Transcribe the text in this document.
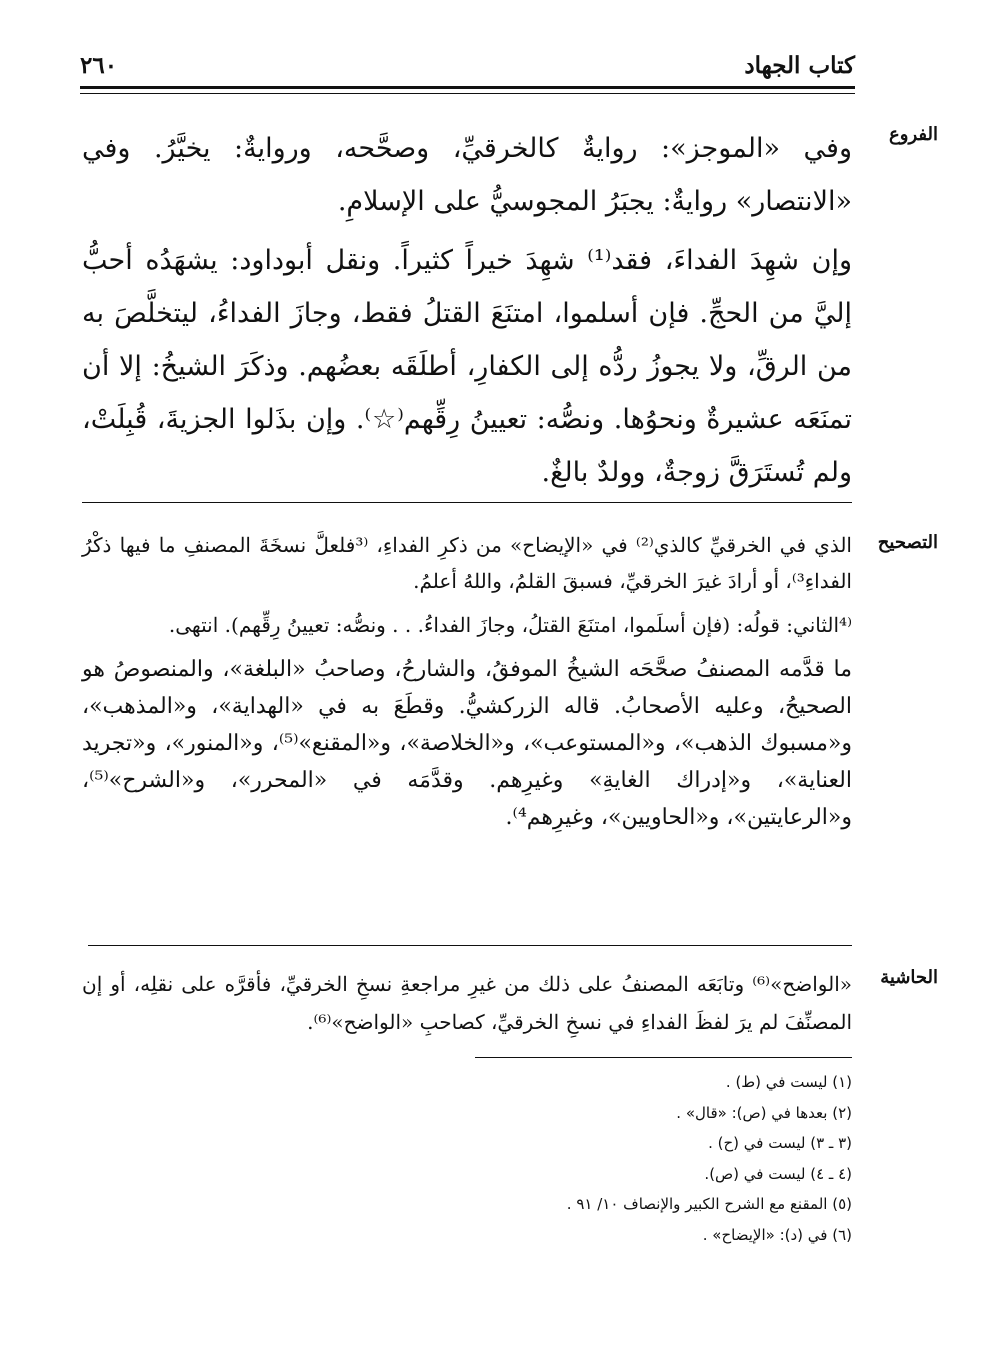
كتاب الجهاد
٢٦٠
الفروع

وفي «الموجز»: روايةٌ كالخرقيِّ، وصحَّحه، وروايةٌ: يخيَّرُ. وفي «الانتصار» روايةٌ: يجبَرُ المجوسيُّ على الإسلامِ.

وإن شهِدَ الفداءَ، فقد⁽¹⁾ شهِدَ خيراً كثيراً. ونقل أبوداود: يشهَدُه أحبُّ إليَّ من الحجِّ. فإن أسلموا، امتنَعَ القتلُ فقط، وجازَ الفداءُ، ليتخلَّصَ به من الرقِّ، ولا يجوزُ ردُّه إلى الكفارِ، أطلَقَه بعضُهم. وذكَرَ الشيخُ: إلا أن تمنَعَه عشيرةٌ ونحوُها. ونصُّه: تعيينُ رِقِّهم⁽☆⁾. وإن بذَلوا الجزيةَ، قُبِلَتْ، ولم تُستَرَقَّ زوجةٌ، وولدٌ بالغٌ.

التصحيح

الذي في الخرقيِّ كالذي⁽²⁾ في «الإيضاح» من ذكرِ الفداءِ، ⁽³فلعلَّ نسخَةَ المصنفِ ما فيها ذكْرُ الفداءِ³⁾، أو أرادَ غيرَ الخرقيِّ، فسبقَ القلمُ، واللهُ أعلمُ.

⁽⁴الثاني: قولُه: (فإن أسلَموا، امتنَعَ القتلُ، وجازَ الفداءُ. . . ونصُّه: تعيينُ رِقِّهم). انتهى.

ما قدَّمه المصنفُ صحَّحَه الشيخُ الموفقُ، والشارحُ، وصاحبُ «البلغة»، والمنصوصُ هو الصحيحُ، وعليه الأصحابُ. قاله الزركشيُّ. وقطَعَ به في «الهداية»، و«المذهب»، و«مسبوك الذهب»، و«المستوعب»، و«الخلاصة»، و«المقنع»⁽⁵⁾، و«المنور»، و«تجريد العناية»، و«إدراك الغايةِ» وغيرِهم. وقدَّمَه في «المحرر»، و«الشرح»⁽⁵⁾، و«الرعايتين»، و«الحاويين»، وغيرِهم⁴⁾.

الحاشية

«الواضح»⁽⁶⁾ وتابَعَه المصنفُ على ذلك من غيرِ مراجعةِ نسخِ الخرقيِّ، فأقرَّه على نقلِه، أو إن المصنِّفَ لم يرَ لفظَ الفداءِ في نسخِ الخرقيِّ، كصاحبِ «الواضح»⁽⁶⁾.

(١) ليست في (ط) .
(٢) بعدها في (ص): «قال» .
(٣ ـ ٣) ليست في (ح) .
(٤ ـ ٤) ليست في (ص).
(٥) المقنع مع الشرح الكبير والإنصاف ١٠/ ٩١ .
(٦) في (د): «الإيضاح» .
